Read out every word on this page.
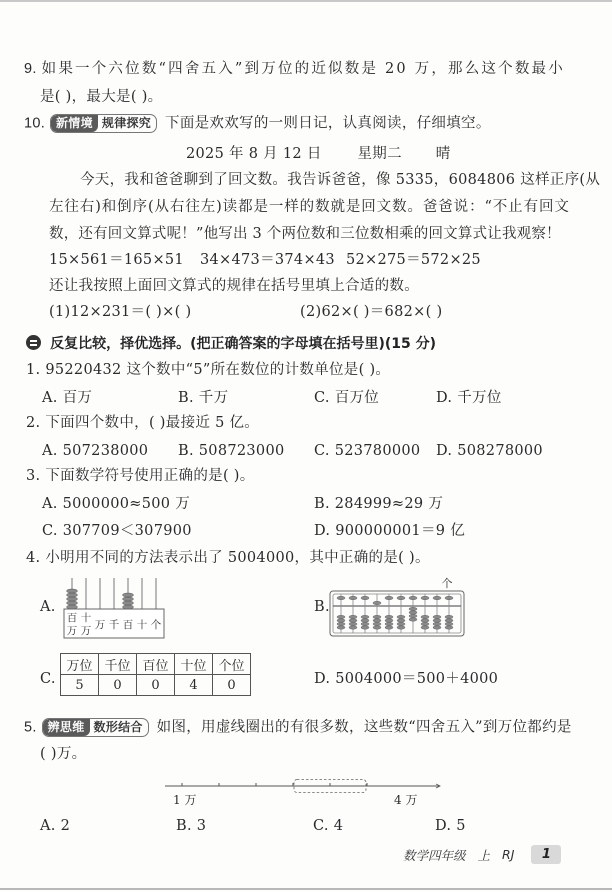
9. 如果一个六位数“四舍五入”到万位的近似数是 20 万，那么这个数最小
是( )，最大是( )。
10. 新情境 规律探究 下面是欢欢写的一则日记，认真阅读，仔细填空。
2025 年 8 月 12 日 星期二 晴
今天，我和爸爸聊到了回文数。我告诉爸爸，像 5335，6084806 这样正序(从
左往右)和倒序(从右往左)读都是一样的数就是回文数。爸爸说：“不止有回文
数，还有回文算式呢！”他写出 3 个两位数和三位数相乘的回文算式让我观察！
15×561＝165×51 34×473＝374×43 52×275＝572×25
还让我按照上面回文算式的规律在括号里填上合适的数。
(1)12×231＝( )×( )	(2)62×( )＝682×( )
反复比较，择优选择。(把正确答案的字母填在括号里)(15 分)
1. 95220432 这个数中“5”所在数位的计数单位是( )。
A. 百万	B. 千万	C. 百万位	D. 千万位
2. 下面四个数中，( )最接近 5 亿。
A. 507238000 B. 508723000 C. 523780000 D. 508278000
3. 下面数学符号使用正确的是( )。
A. 5000000≈500 万	B. 284999≈29 万
C. 307709＜307900	D. 900000001＝9 亿
4. 小明用不同的方法表示出了 5004000，其中正确的是( )。
A.
百
万
十
万 万 千 百 十 个
B.
个
C.
万位	千位	百位	十位	个位
5	0	0	4	0	D. 5004000＝500＋4000
5. 辨思维 数形结合 如图，用虚线圈出的有很多数，这些数“四舍五入”到万位都约是
( )万。
1 万	4 万
A. 2	B. 3	C. 4	D. 5
数学四年级 上 RJ	1
